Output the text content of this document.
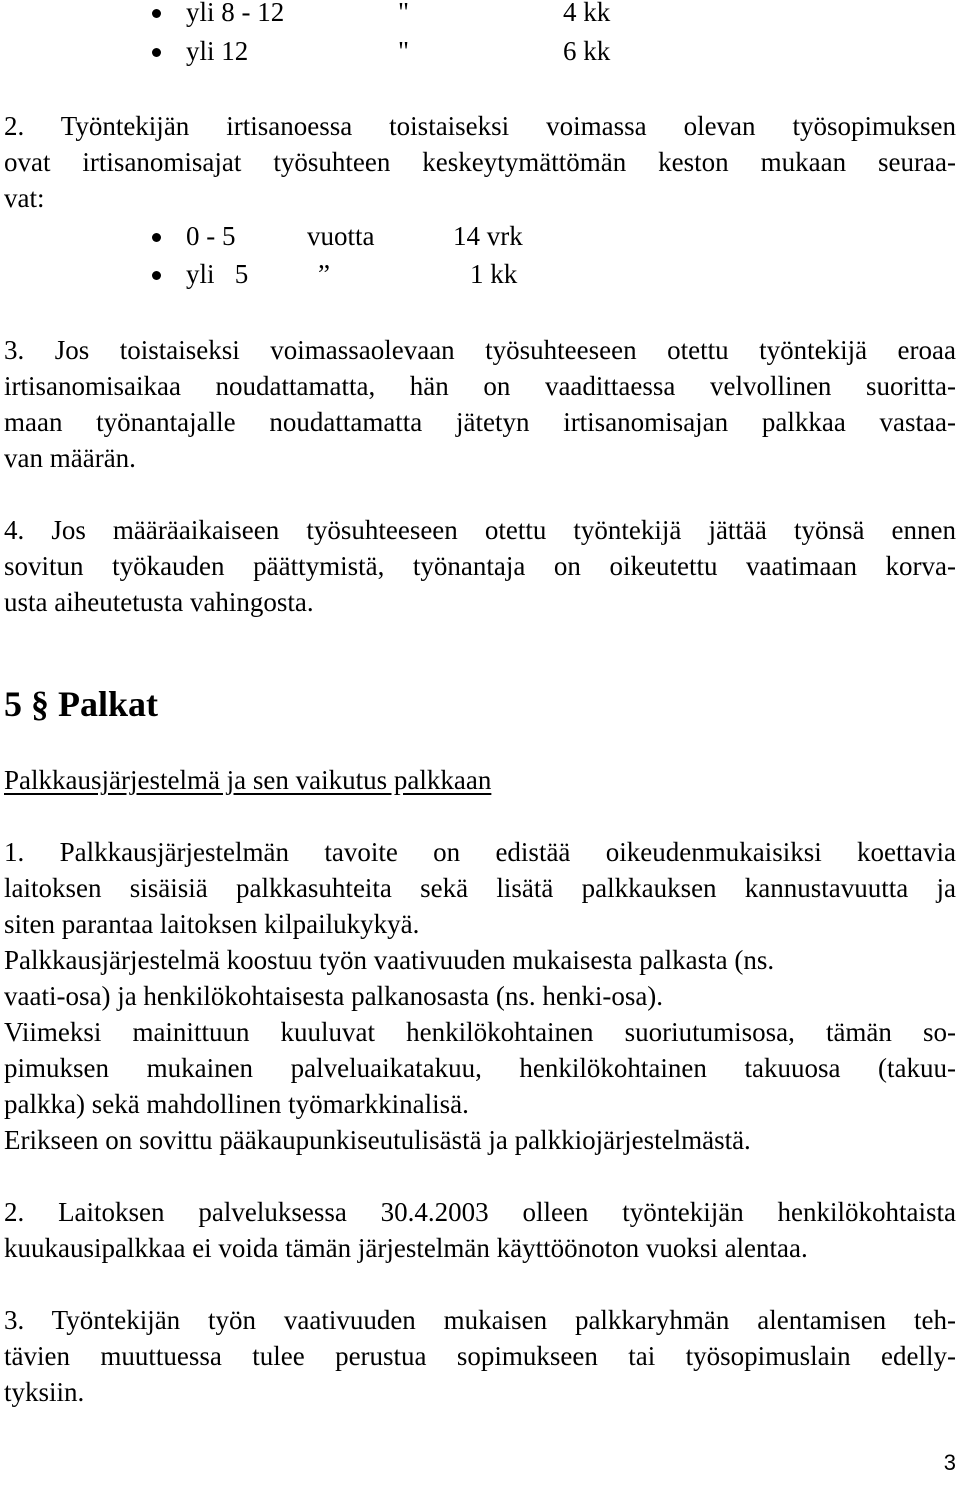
yli 8 - 12	"	4 kk
yli 12	"	6 kk
2. Työntekijän irtisanoessa toistaiseksi voimassa olevan työsopimuksen
ovat irtisanomisajat työsuhteen keskeytymättömän keston mukaan seuraa-
vat:
0 - 5	vuotta	14 vrk
yli   5	”	1 kk
3. Jos toistaiseksi voimassaolevaan työsuhteeseen otettu työntekijä eroaa
irtisanomisaikaa noudattamatta, hän on vaadittaessa velvollinen suoritta-
maan työnantajalle noudattamatta jätetyn irtisanomisajan palkkaa vastaa-
van määrän.
4. Jos määräaikaiseen työsuhteeseen otettu työntekijä jättää työnsä ennen
sovitun työkauden päättymistä, työnantaja on oikeutettu vaatimaan korva-
usta aiheutetusta vahingosta.
5 § Palkat
Palkkausjärjestelmä ja sen vaikutus palkkaan
1. Palkkausjärjestelmän tavoite on edistää oikeudenmukaisiksi koettavia
laitoksen sisäisiä palkkasuhteita sekä lisätä palkkauksen kannustavuutta ja
siten parantaa laitoksen kilpailukykyä.
Palkkausjärjestelmä koostuu työn vaativuuden mukaisesta palkasta (ns.
vaati-osa) ja henkilökohtaisesta palkanosasta (ns. henki-osa).
Viimeksi mainittuun kuuluvat henkilökohtainen suoriutumisosa, tämän so-
pimuksen mukainen palveluaikatakuu, henkilökohtainen takuuosa (takuu-
palkka) sekä mahdollinen työmarkkinalisä.
Erikseen on sovittu pääkaupunkiseutulisästä ja palkkiojärjestelmästä.
2. Laitoksen palveluksessa 30.4.2003 olleen työntekijän henkilökohtaista
kuukausipalkkaa ei voida tämän järjestelmän käyttöönoton vuoksi alentaa.
3. Työntekijän työn vaativuuden mukaisen palkkaryhmän alentamisen teh-
tävien muuttuessa tulee perustua sopimukseen tai työsopimuslain edelly-
tyksiin.
3
